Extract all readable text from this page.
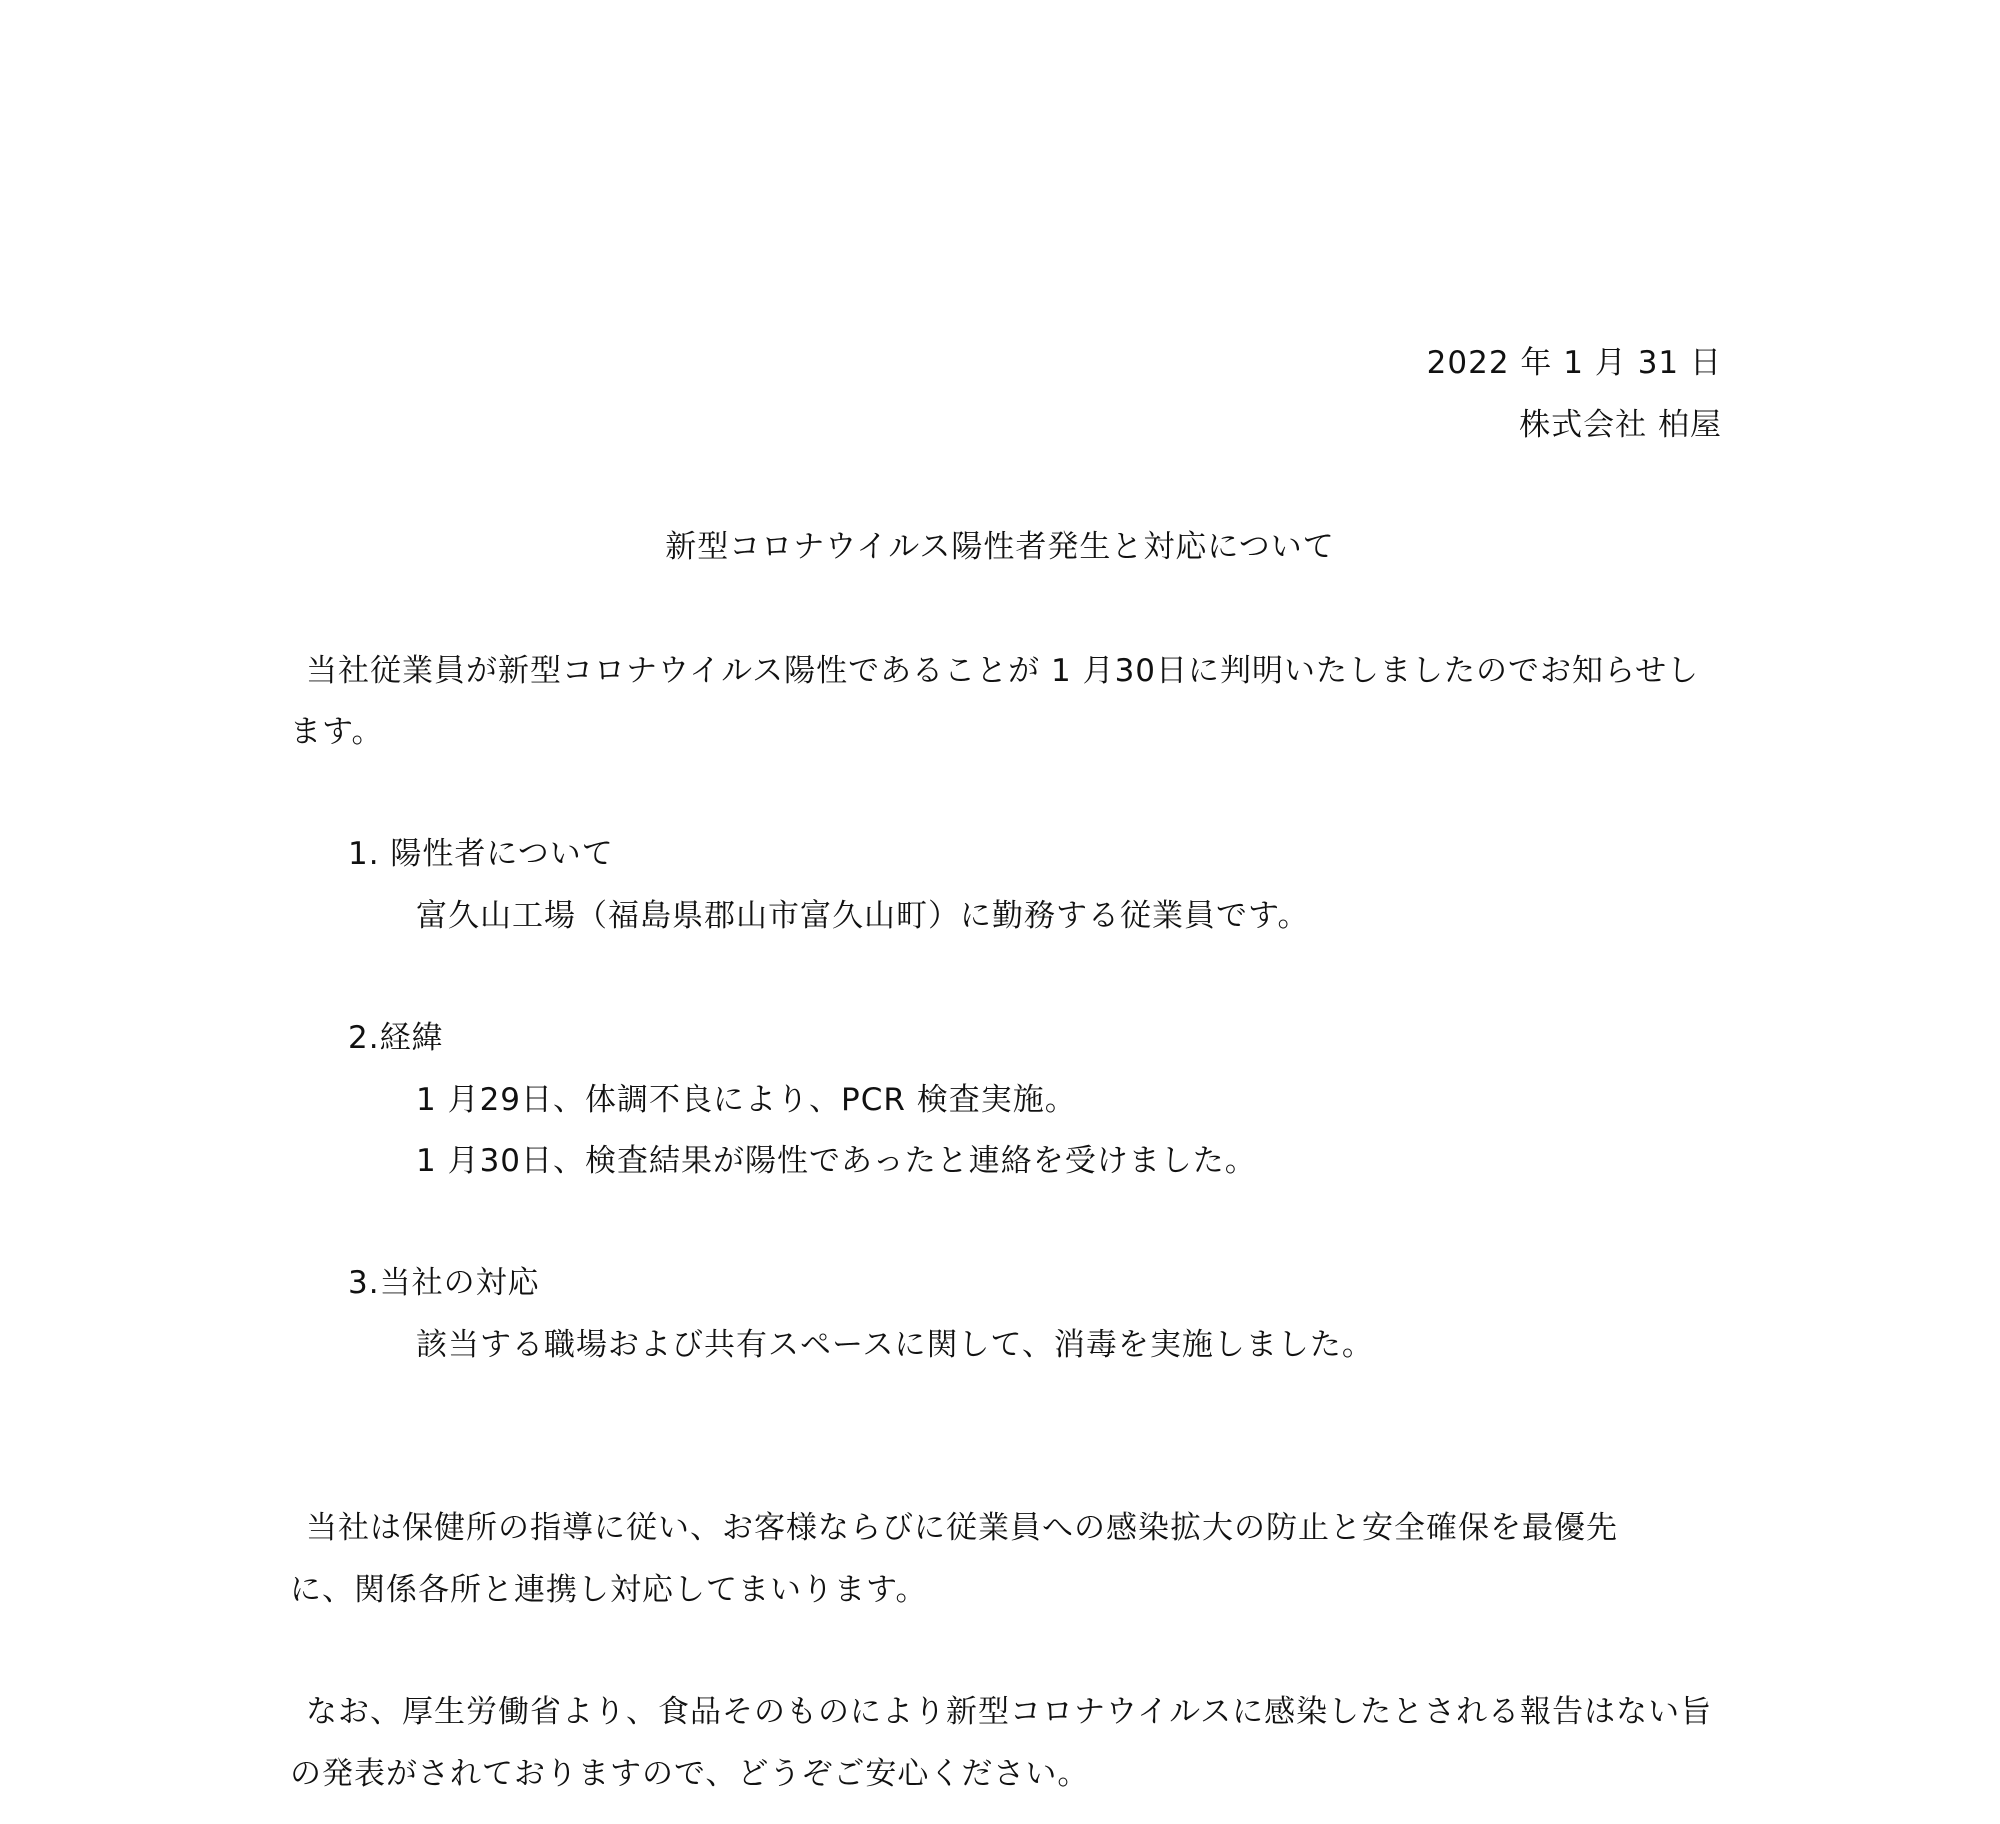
2022 年 1 月 31 日
株式会社 柏屋
新型コロナウイルス陽性者発生と対応について
当社従業員が新型コロナウイルス陽性であることが 1 月30日に判明いたしましたのでお知らせし
ます。
1. 陽性者について
富久山工場（福島県郡山市富久山町）に勤務する従業員です。
2.経緯
1 月29日、体調不良により、PCR 検査実施。
1 月30日、検査結果が陽性であったと連絡を受けました。
3.当社の対応
該当する職場および共有スペースに関して、消毒を実施しました。
当社は保健所の指導に従い、お客様ならびに従業員への感染拡大の防止と安全確保を最優先
に、関係各所と連携し対応してまいります。
なお、厚生労働省より、食品そのものにより新型コロナウイルスに感染したとされる報告はない旨
の発表がされておりますので、どうぞご安心ください。
